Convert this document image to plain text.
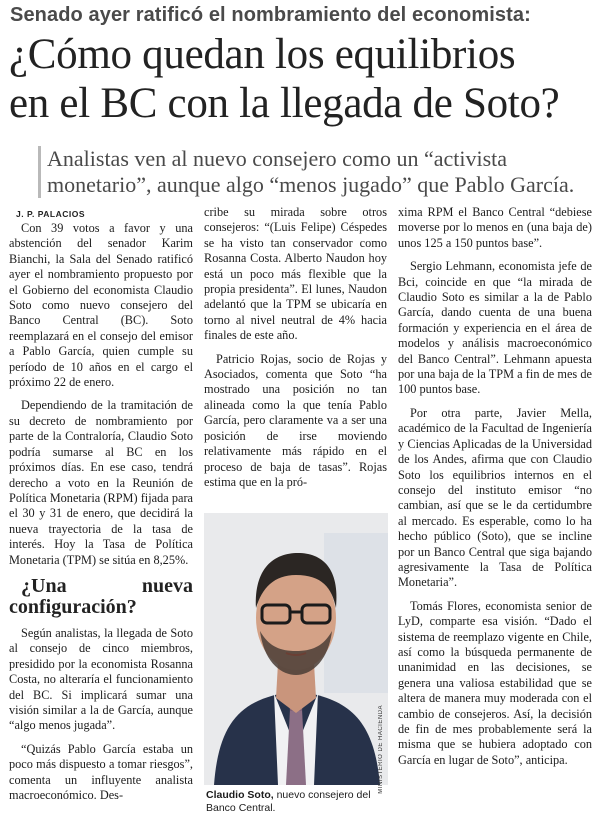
Senado ayer ratificó el nombramiento del economista:
¿Cómo quedan los equilibrios
en el BC con la llegada de Soto?
Analistas ven al nuevo consejero como un “activista
monetario”, aunque algo “menos jugado” que Pablo García.
J. P. PALACIOS

Con 39 votos a favor y una abstención del senador Karim Bianchi, la Sala del Senado ratificó ayer el nombramiento propuesto por el Gobierno del economista Claudio Soto como nuevo consejero del Banco Central (BC). Soto reemplazará en el consejo del emisor a Pablo García, quien cumple su período de 10 años en el cargo el próximo 22 de enero.

Dependiendo de la tramitación de su decreto de nombramiento por parte de la Contraloría, Claudio Soto podría sumarse al BC en los próximos días. En ese caso, tendrá derecho a voto en la Reunión de Política Monetaria (RPM) fijada para el 30 y 31 de enero, que decidirá la nueva trayectoria de la tasa de interés. Hoy la Tasa de Política Monetaria (TPM) se sitúa en 8,25%.

¿Una nueva configuración?

Según analistas, la llegada de Soto al consejo de cinco miembros, presidido por la economista Rosanna Costa, no alteraría el funcionamiento del BC. Si implicará sumar una visión similar a la de García, aunque “algo menos jugada”.

“Quizás Pablo García estaba un poco más dispuesto a tomar riesgos”, comenta un influyente analista macroeconómico. Des-

cribe su mirada sobre otros consejeros: “(Luis Felipe) Céspedes se ha visto tan conservador como Rosanna Costa. Alberto Naudon hoy está un poco más flexible que la propia presidenta”. El lunes, Naudon adelantó que la TPM se ubicaría en torno al nivel neutral de 4% hacia finales de este año.

Patricio Rojas, socio de Rojas y Asociados, comenta que Soto “ha mostrado una posición no tan alineada como la que tenía Pablo García, pero claramente va a ser una posición de irse moviendo relativamente más rápido en el proceso de baja de tasas”. Rojas estima que en la pró-

xima RPM el Banco Central “debiese moverse por lo menos en (una baja de) unos 125 a 150 puntos base”.

Sergio Lehmann, economista jefe de Bci, coincide en que “la mirada de Claudio Soto es similar a la de Pablo García, dando cuenta de una buena formación y experiencia en el área de modelos y análisis macroeconómico del Banco Central”. Lehmann apuesta por una baja de la TPM a fin de mes de 100 puntos base.

Por otra parte, Javier Mella, académico de la Facultad de Ingeniería y Ciencias Aplicadas de la Universidad de los Andes, afirma que con Claudio Soto los equilibrios internos en el consejo del instituto emisor “no cambian, así que se le da certidumbre al mercado. Es esperable, como lo ha hecho público (Soto), que se incline por un Banco Central que siga bajando agresivamente la Tasa de Política Monetaria”.

Tomás Flores, economista senior de LyD, comparte esa visión. “Dado el sistema de reemplazo vigente en Chile, así como la búsqueda permanente de unanimidad en las decisiones, se genera una valiosa estabilidad que se altera de manera muy moderada con el cambio de consejeros. Así, la decisión de fin de mes probablemente será la misma que se hubiera adoptado con García en lugar de Soto”, anticipa.

MINISTERIO DE HACIENDA
Claudio Soto, nuevo consejero del Banco Central.
